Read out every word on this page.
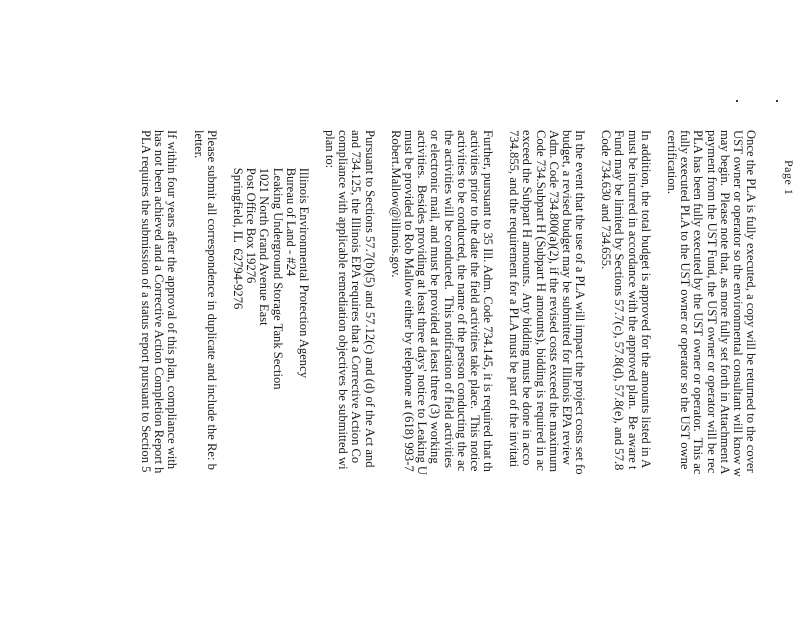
Page 1
Once the PLA is fully executed, a copy will be returned to the cover
UST owner or operator so the environmental consultant will know w
may begin.  Please note that, as more fully set forth in Attachment A
payment from the UST Fund, the UST owner or operator will be rec
PLA has been fully executed by the UST owner or operator.  This ac
fully executed PLA to the UST owner or operator so the UST owne
certification.
In addition, the total budget is approved for the amounts listed in A
must be incurred in accordance with the approved plan.  Be aware t
Fund may be limited by Sections 57.7(c), 57.8(d), 57.8(e), and 57.8
Code 734.630 and 734.655.
In the event that the use of a PLA will impact the project costs set fo
budget, a revised budget may be submitted for Illinois EPA review
Adm. Code 734.800(a)(2), if the revised costs exceed the maximum
Code 734.Subpart H (Subpart H amounts), bidding is required in ac
exceed the Subpart H amounts.  Any bidding must be done in acco
734.855, and the requirement for a PLA must be part of the invitati
Further, pursuant to 35 Ill. Adm. Code 734.145, it is required that th
activities prior to the date the field activities take place.  This notice
activities to be conducted, the name of the person conducting the ac
the activities will be conducted.  This notification of field activities
or electronic mail, and must be provided at least three (3) working
activities.  Besides providing at least three days' notice to Leaking U
must be provided to Rob Mallow either by telephone at (618) 993-7
Robert.Mallow@illinois.gov.
Pursuant to Sections 57.7(b)(5) and 57.12(c) and (d) of the Act and
and 734.125, the Illinois EPA requires that a Corrective Action Co
compliance with applicable remediation objectives be submitted wi
plan to:
Illinois Environmental Protection Agency
Bureau of Land - #24
Leaking Underground Storage Tank Section
1021 North Grand Avenue East
Post Office Box 19276
Springfield, IL  62794-9276
Please submit all correspondence in duplicate and include the Re: b
letter.
If within four years after the approval of this plan, compliance with
has not been achieved and a Corrective Action Completion Report h
PLA requires the submission of a status report pursuant to Section 5
